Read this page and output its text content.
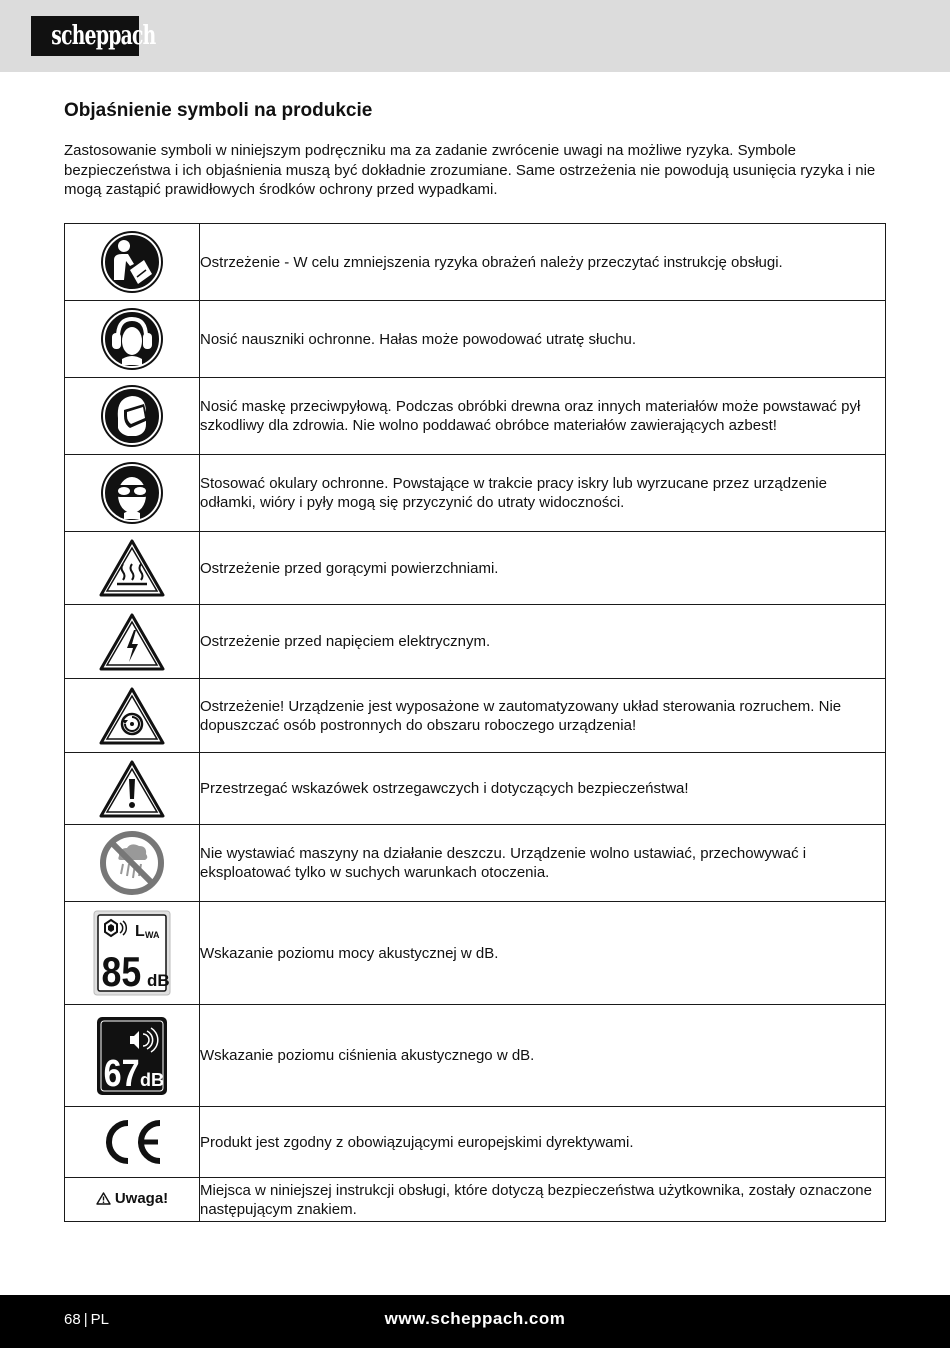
scheppach
Objaśnienie symboli na produkcie

Zastosowanie symboli w niniejszym podręczniku ma za zadanie zwrócenie uwagi na możliwe ryzyka. Symbole bezpieczeństwa i ich objaśnienia muszą być dokładnie zrozumiane. Same ostrzeżenia nie powodują usunięcia ryzyka i nie mogą zastąpić prawidłowych środków ochrony przed wypadkami.

	Ostrzeżenie - W celu zmniejszenia ryzyka obrażeń należy przeczytać instrukcję obsługi.

	Nosić nauszniki ochronne. Hałas może powodować utratę słuchu.

	Nosić maskę przeciwpyłową. Podczas obróbki drewna oraz innych materiałów może powstawać pył szkodliwy dla zdrowia. Nie wolno poddawać obróbce materiałów zawierających azbest!

	Stosować okulary ochronne. Powstające w trakcie pracy iskry lub wyrzucane przez urządzenie odłamki, wióry i pyły mogą się przyczynić do utraty widoczności.

	Ostrzeżenie przed gorącymi powierzchniami.

	Ostrzeżenie przed napięciem elektrycznym.

	Ostrzeżenie! Urządzenie jest wyposażone w zautomatyzowany układ sterowania rozruchem. Nie dopuszczać osób postronnych do obszaru roboczego urządzenia!

	Przestrzegać wskazówek ostrzegawczych i dotyczących bezpieczeństwa!

	Nie wystawiać maszyny na działanie deszczu. Urządzenie wolno ustawiać, przechowywać i eksploatować tylko w suchych warunkach otoczenia.

L WA
85 dB	Wskazanie poziomu mocy akustycznej w dB.

67 dB	Wskazanie poziomu ciśnienia akustycznego w dB.

	Produkt jest zgodny z obowiązującymi europejskimi dyrektywami.

Uwaga!	Miejsca w niniejszej instrukcji obsługi, które dotyczą bezpieczeństwa użytkownika, zostały oznaczone następującym znakiem.
68 | PL	www.scheppach.com
